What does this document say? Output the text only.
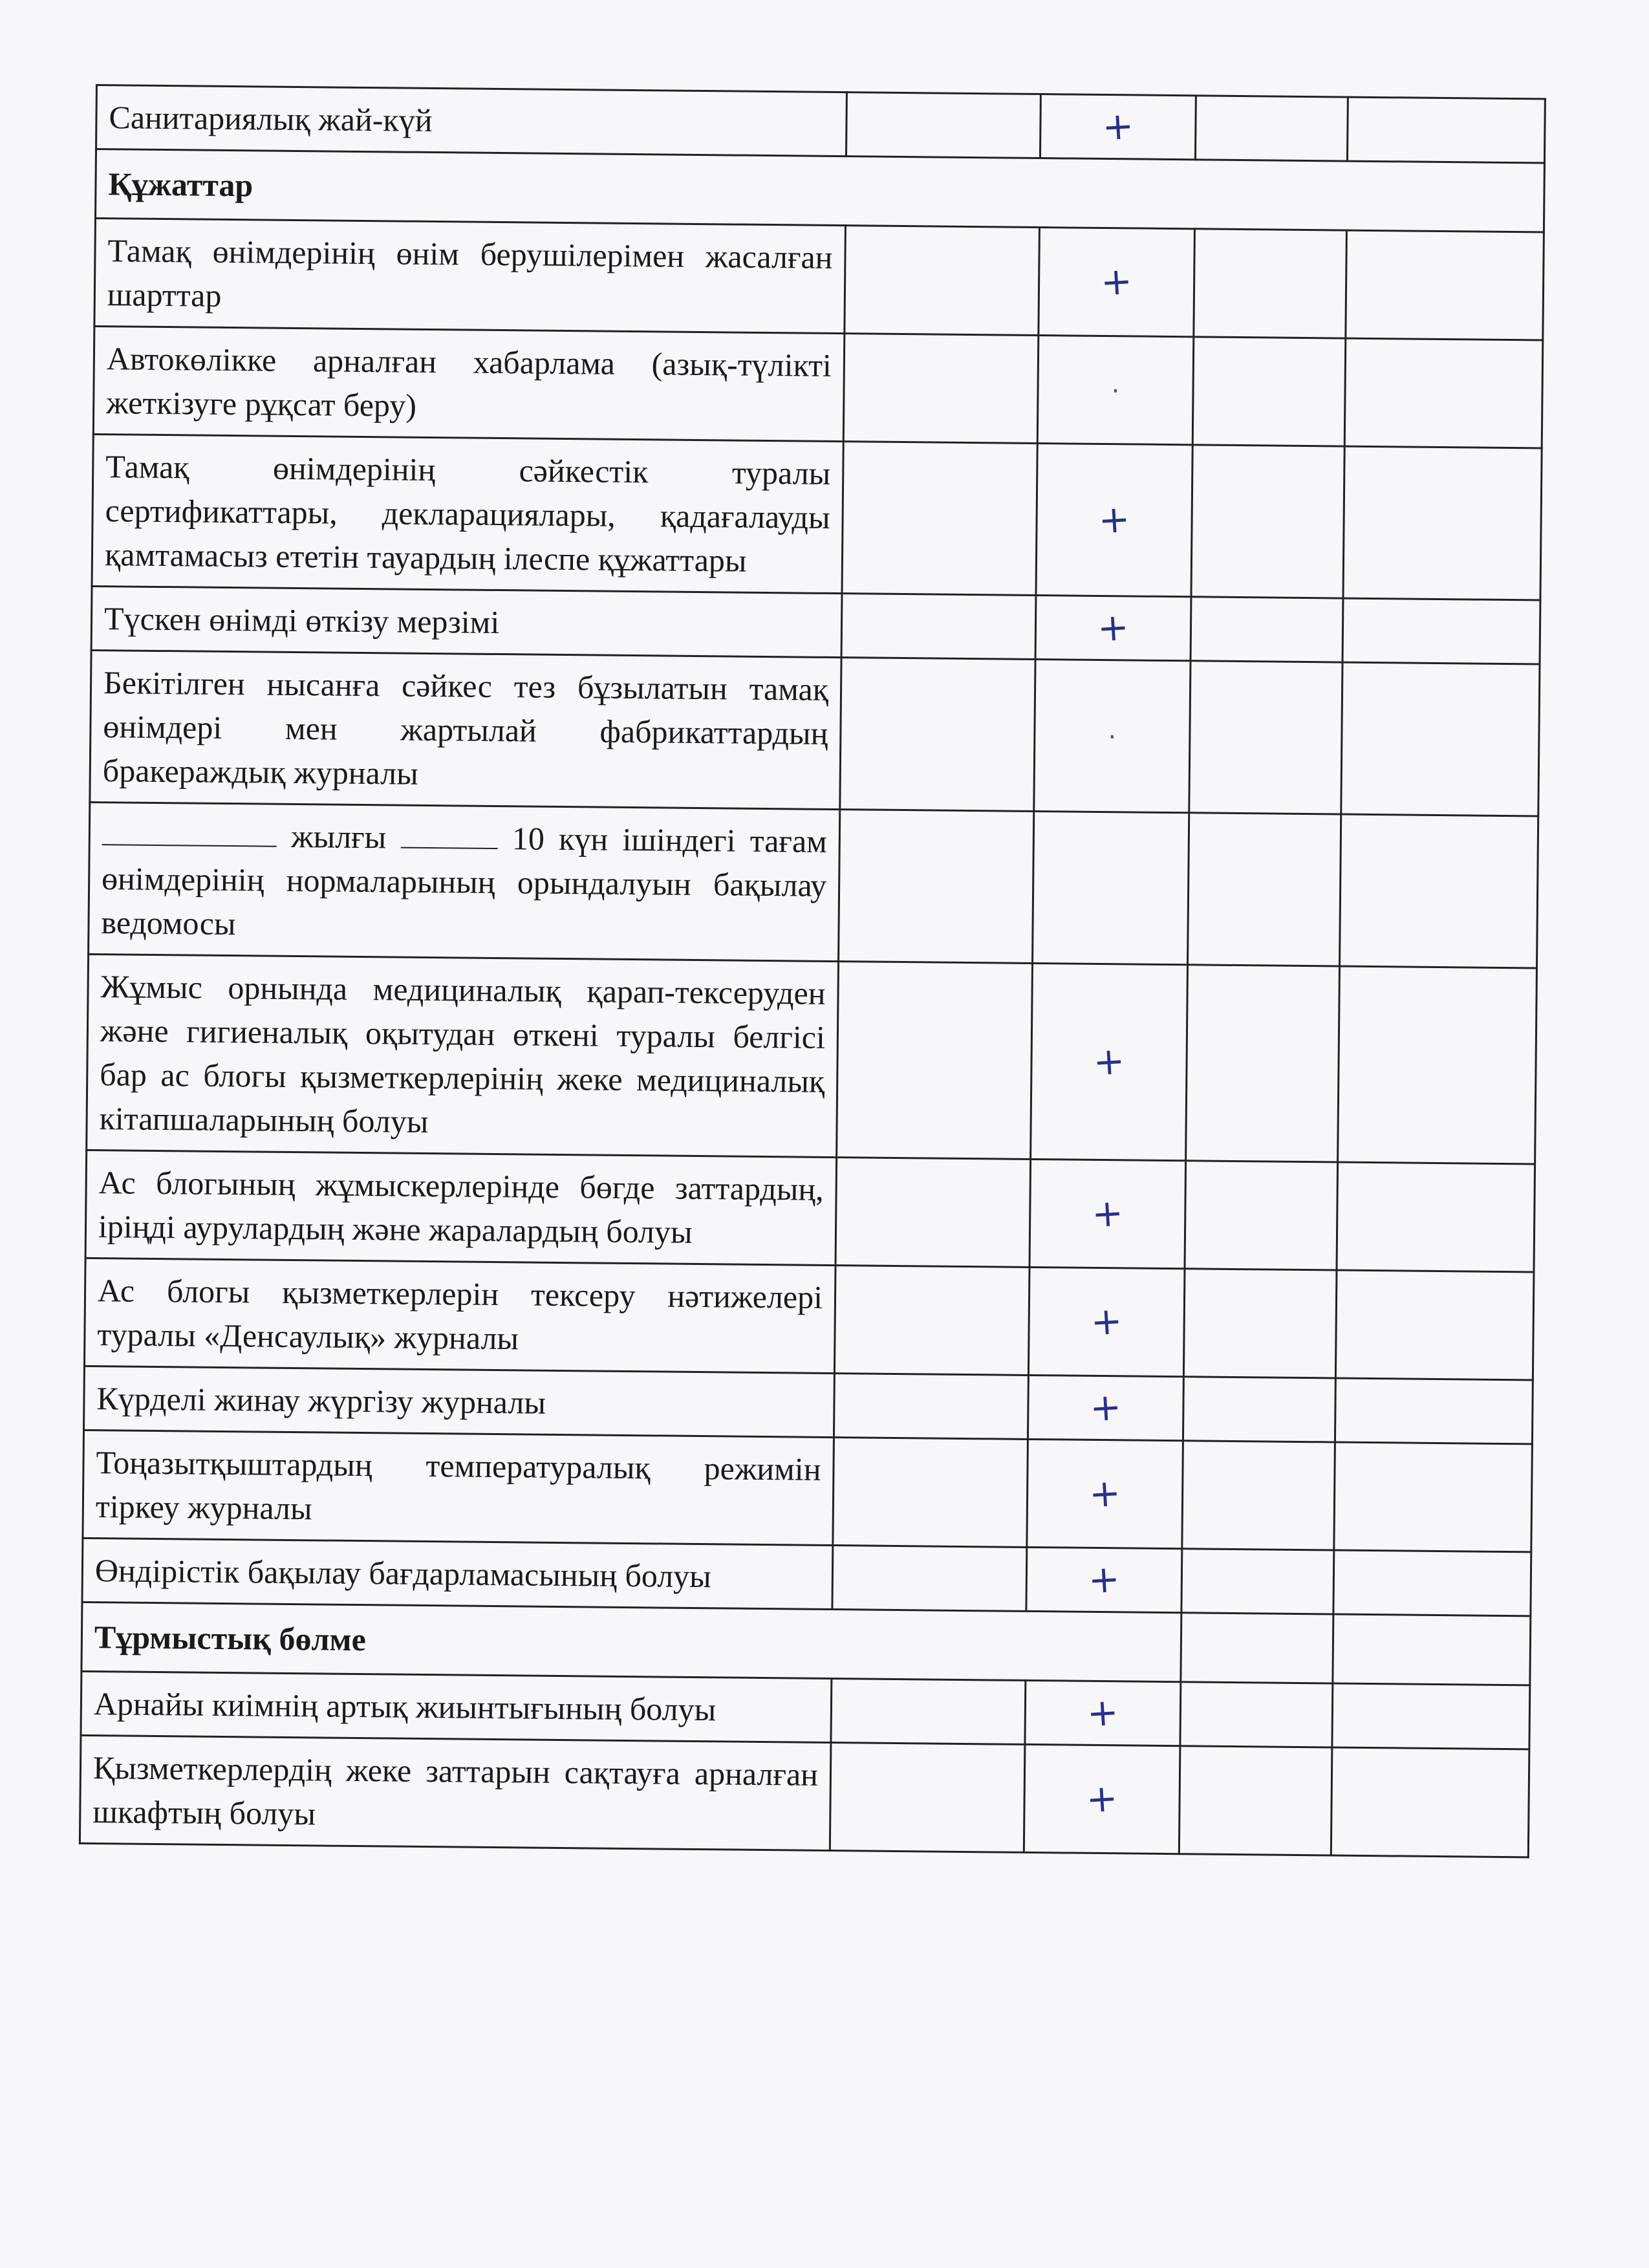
Санитариялық жай-күй		+		
Құжаттар				
Тамақ өнімдерінің өнім берушілерімен жасалған шарттар		+		
Автокөлікке арналған хабарлама (азық-түлікті жеткізуге рұқсат беру)		·		
Тамақ өнімдерінің сәйкестік туралы сертификаттары, декларациялары, қадағалауды қамтамасыз ететін тауардың ілеспе құжаттары		+		
Түскен өнімді өткізу мерзімі		+		
Бекітілген нысанға сәйкес тез бұзылатын тамақ өнімдері мен жартылай фабрикаттардың бракераждық журналы		·		
жылғы 10 күн ішіндегі тағам өнімдерінің нормаларының орындалуын бақылау ведомосы				
Жұмыс орнында медициналық қарап-тексеруден және гигиеналық оқытудан өткені туралы белгісі бар ас блогы қызметкерлерінің жеке медициналық кітапшаларының болуы		+		
Ас блогының жұмыскерлерінде бөгде заттардың, іріңді аурулардың және жаралардың болуы		+		
Ас блогы қызметкерлерін тексеру нәтижелері туралы «Денсаулық» журналы		+		
Күрделі жинау жүргізу журналы		+		
Тоңазытқыштардың температуралық режимін тіркеу журналы		+		
Өндірістік бақылау бағдарламасының болуы		+		
Тұрмыстық бөлме				
Арнайы киімнің артық жиынтығының болуы		+		
Қызметкерлердің жеке заттарын сақтауға арналған шкафтың болуы		+		
